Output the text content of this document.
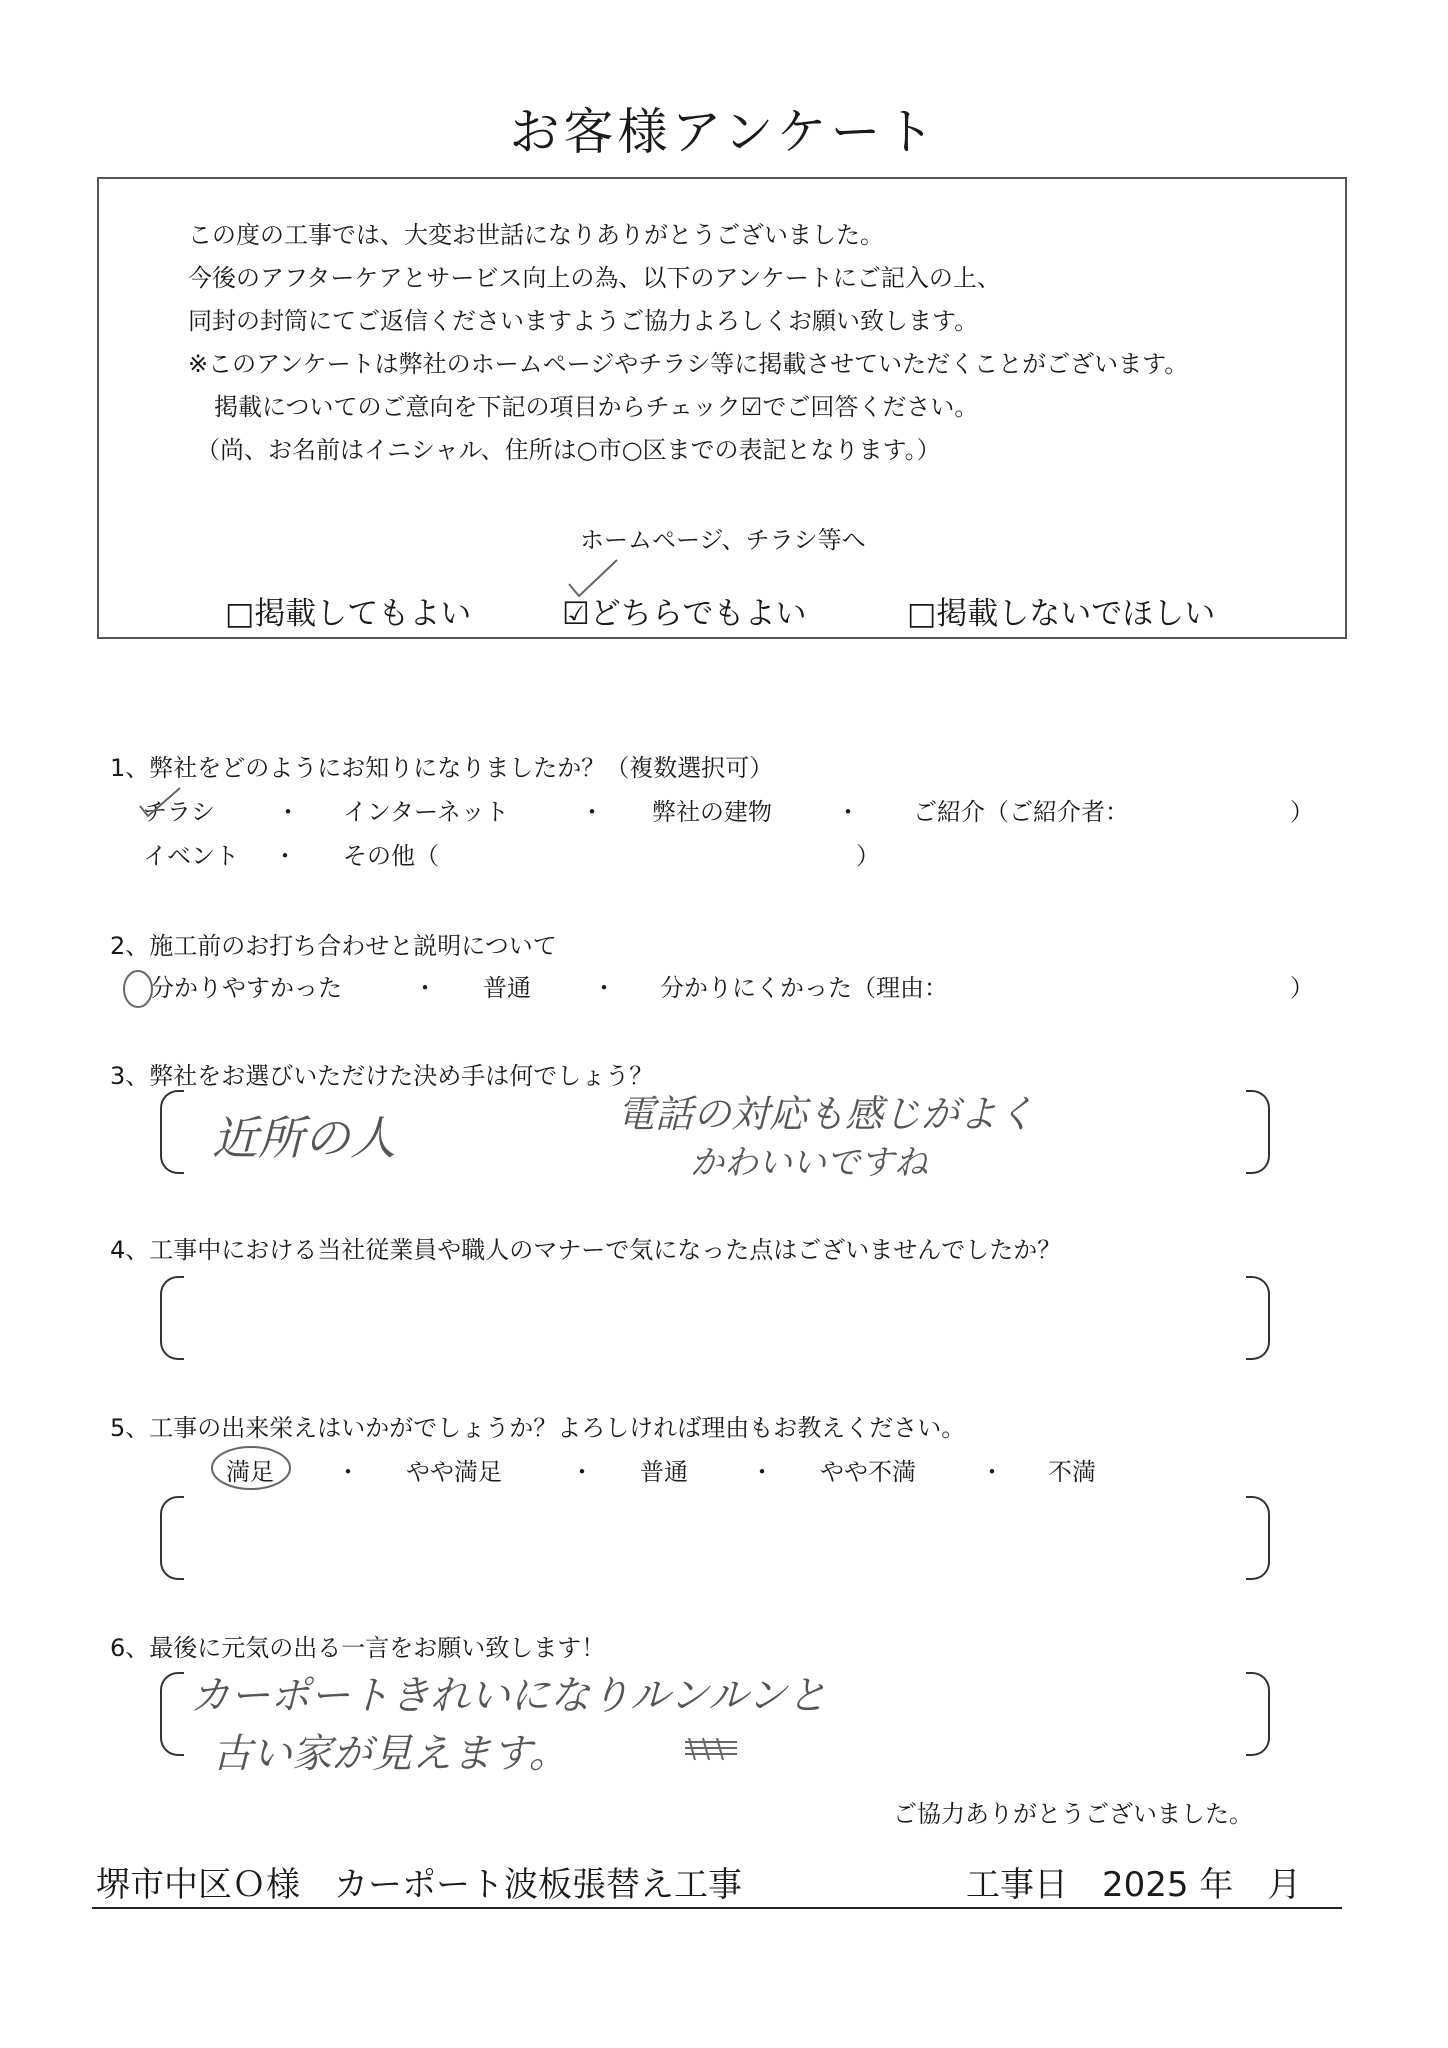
お客様アンケート
この度の工事では、大変お世話になりありがとうございました。
今後のアフターケアとサービス向上の為、以下のアンケートにご記入の上、
同封の封筒にてご返信くださいますようご協力よろしくお願い致します。
※このアンケートは弊社のホームページやチラシ等に掲載させていただくことがございます。
掲載についてのご意向を下記の項目からチェック☑でご回答ください。
（尚、お名前はイニシャル、住所は○市○区までの表記となります。）
ホームページ、チラシ等へ
□掲載してもよい	☑どちらでもよい	□掲載しないでほしい
1、弊社をどのようにお知りになりましたか？（複数選択可）
チラシ	・ インターネット	・ 弊社の建物	・ ご紹介（ご紹介者：	）
イベント ・ その他（	）
2、施工前のお打ち合わせと説明について
分かりやすかった	・ 普通	・ 分かりにくかった（理由：	）
3、弊社をお選びいただけた決め手は何でしょう？
近所の人	電話の対応も感じがよく
かわいいですね
4、工事中における当社従業員や職人のマナーで気になった点はございませんでしたか？
5、工事の出来栄えはいかがでしょうか？よろしければ理由もお教えください。
満足	・ やや満足	・ 普通	・ やや不満	・ 不満
6、最後に元気の出る一言をお願い致します！
カーポートきれいになりルンルンと
古い家が見えます。
ご協力ありがとうございました。
堺市中区Ｏ様　カーポート波板張替え工事	工事日　2025 年　月
